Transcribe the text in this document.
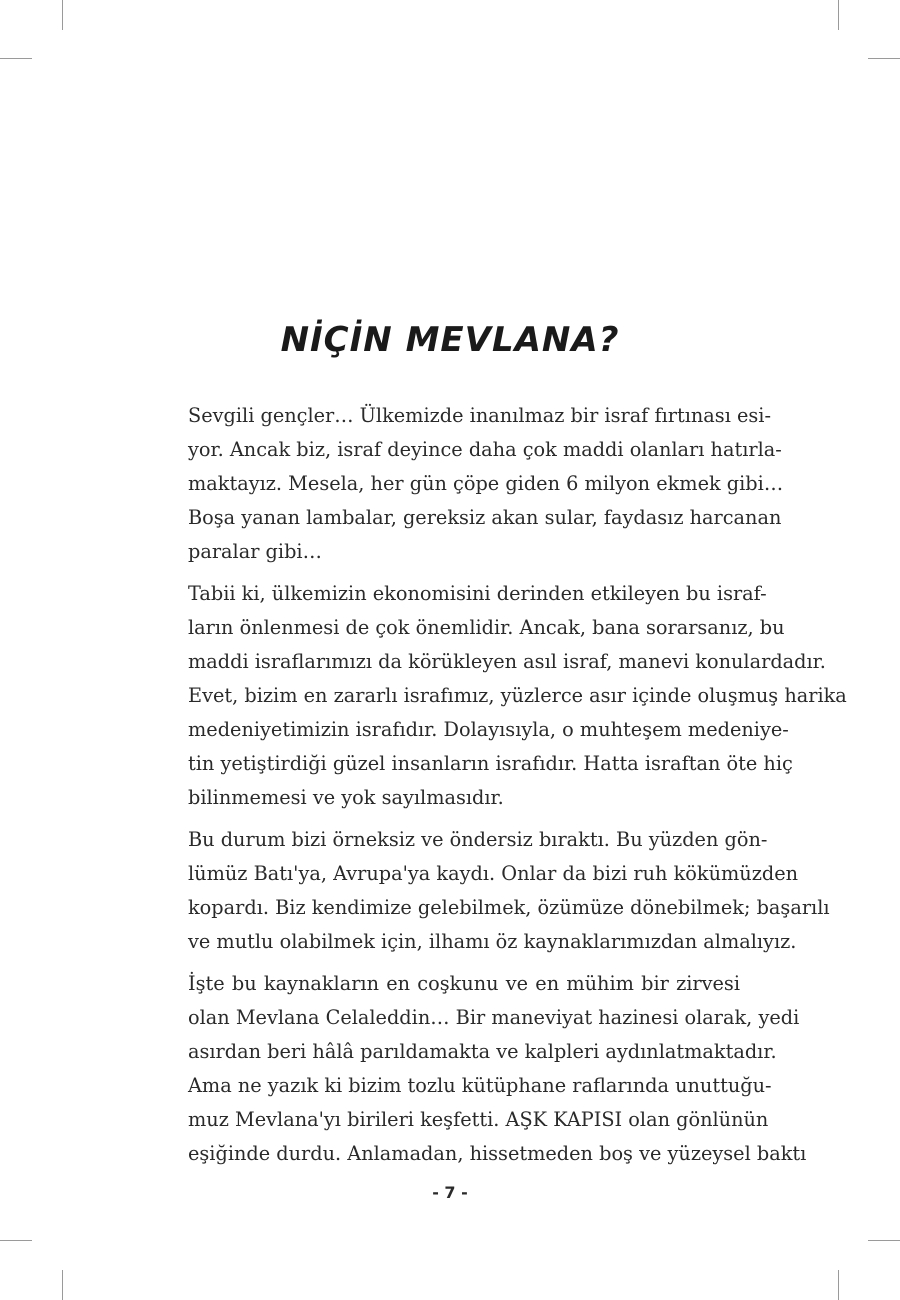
NİÇİN MEVLANA?

Sevgili gençler… Ülkemizde inanılmaz bir israf fırtınası esi-
yor. Ancak biz, israf deyince daha çok maddi olanları hatırla-
maktayız. Mesela, her gün çöpe giden 6 milyon ekmek gibi…
Boşa yanan lambalar, gereksiz akan sular, faydasız harcanan
paralar gibi…

Tabii ki, ülkemizin ekonomisini derinden etkileyen bu israf-
ların önlenmesi de çok önemlidir. Ancak, bana sorarsanız, bu
maddi israflarımızı da körükleyen asıl israf, manevi konulardadır.
Evet, bizim en zararlı israfımız, yüzlerce asır içinde oluşmuş harika
medeniyetimizin israfıdır. Dolayısıyla, o muhteşem medeniye-
tin yetiştirdiği güzel insanların israfıdır. Hatta israftan öte hiç
bilinmemesi ve yok sayılmasıdır.

Bu durum bizi örneksiz ve öndersiz bıraktı. Bu yüzden gön-
lümüz Batı'ya, Avrupa'ya kaydı. Onlar da bizi ruh kökümüzden
kopardı. Biz kendimize gelebilmek, özümüze dönebilmek; başarılı
ve mutlu olabilmek için, ilhamı öz kaynaklarımızdan almalıyız.

İşte bu kaynakların en coşkunu ve en mühim bir zirvesi
olan Mevlana Celaleddin… Bir maneviyat hazinesi olarak, yedi
asırdan beri hâlâ parıldamakta ve kalpleri aydınlatmaktadır.
Ama ne yazık ki bizim tozlu kütüphane raflarında unuttuğu-
muz Mevlana'yı birileri keşfetti. AŞK KAPISI olan gönlünün
eşiğinde durdu. Anlamadan, hissetmeden boş ve yüzeysel baktı

- 7 -
